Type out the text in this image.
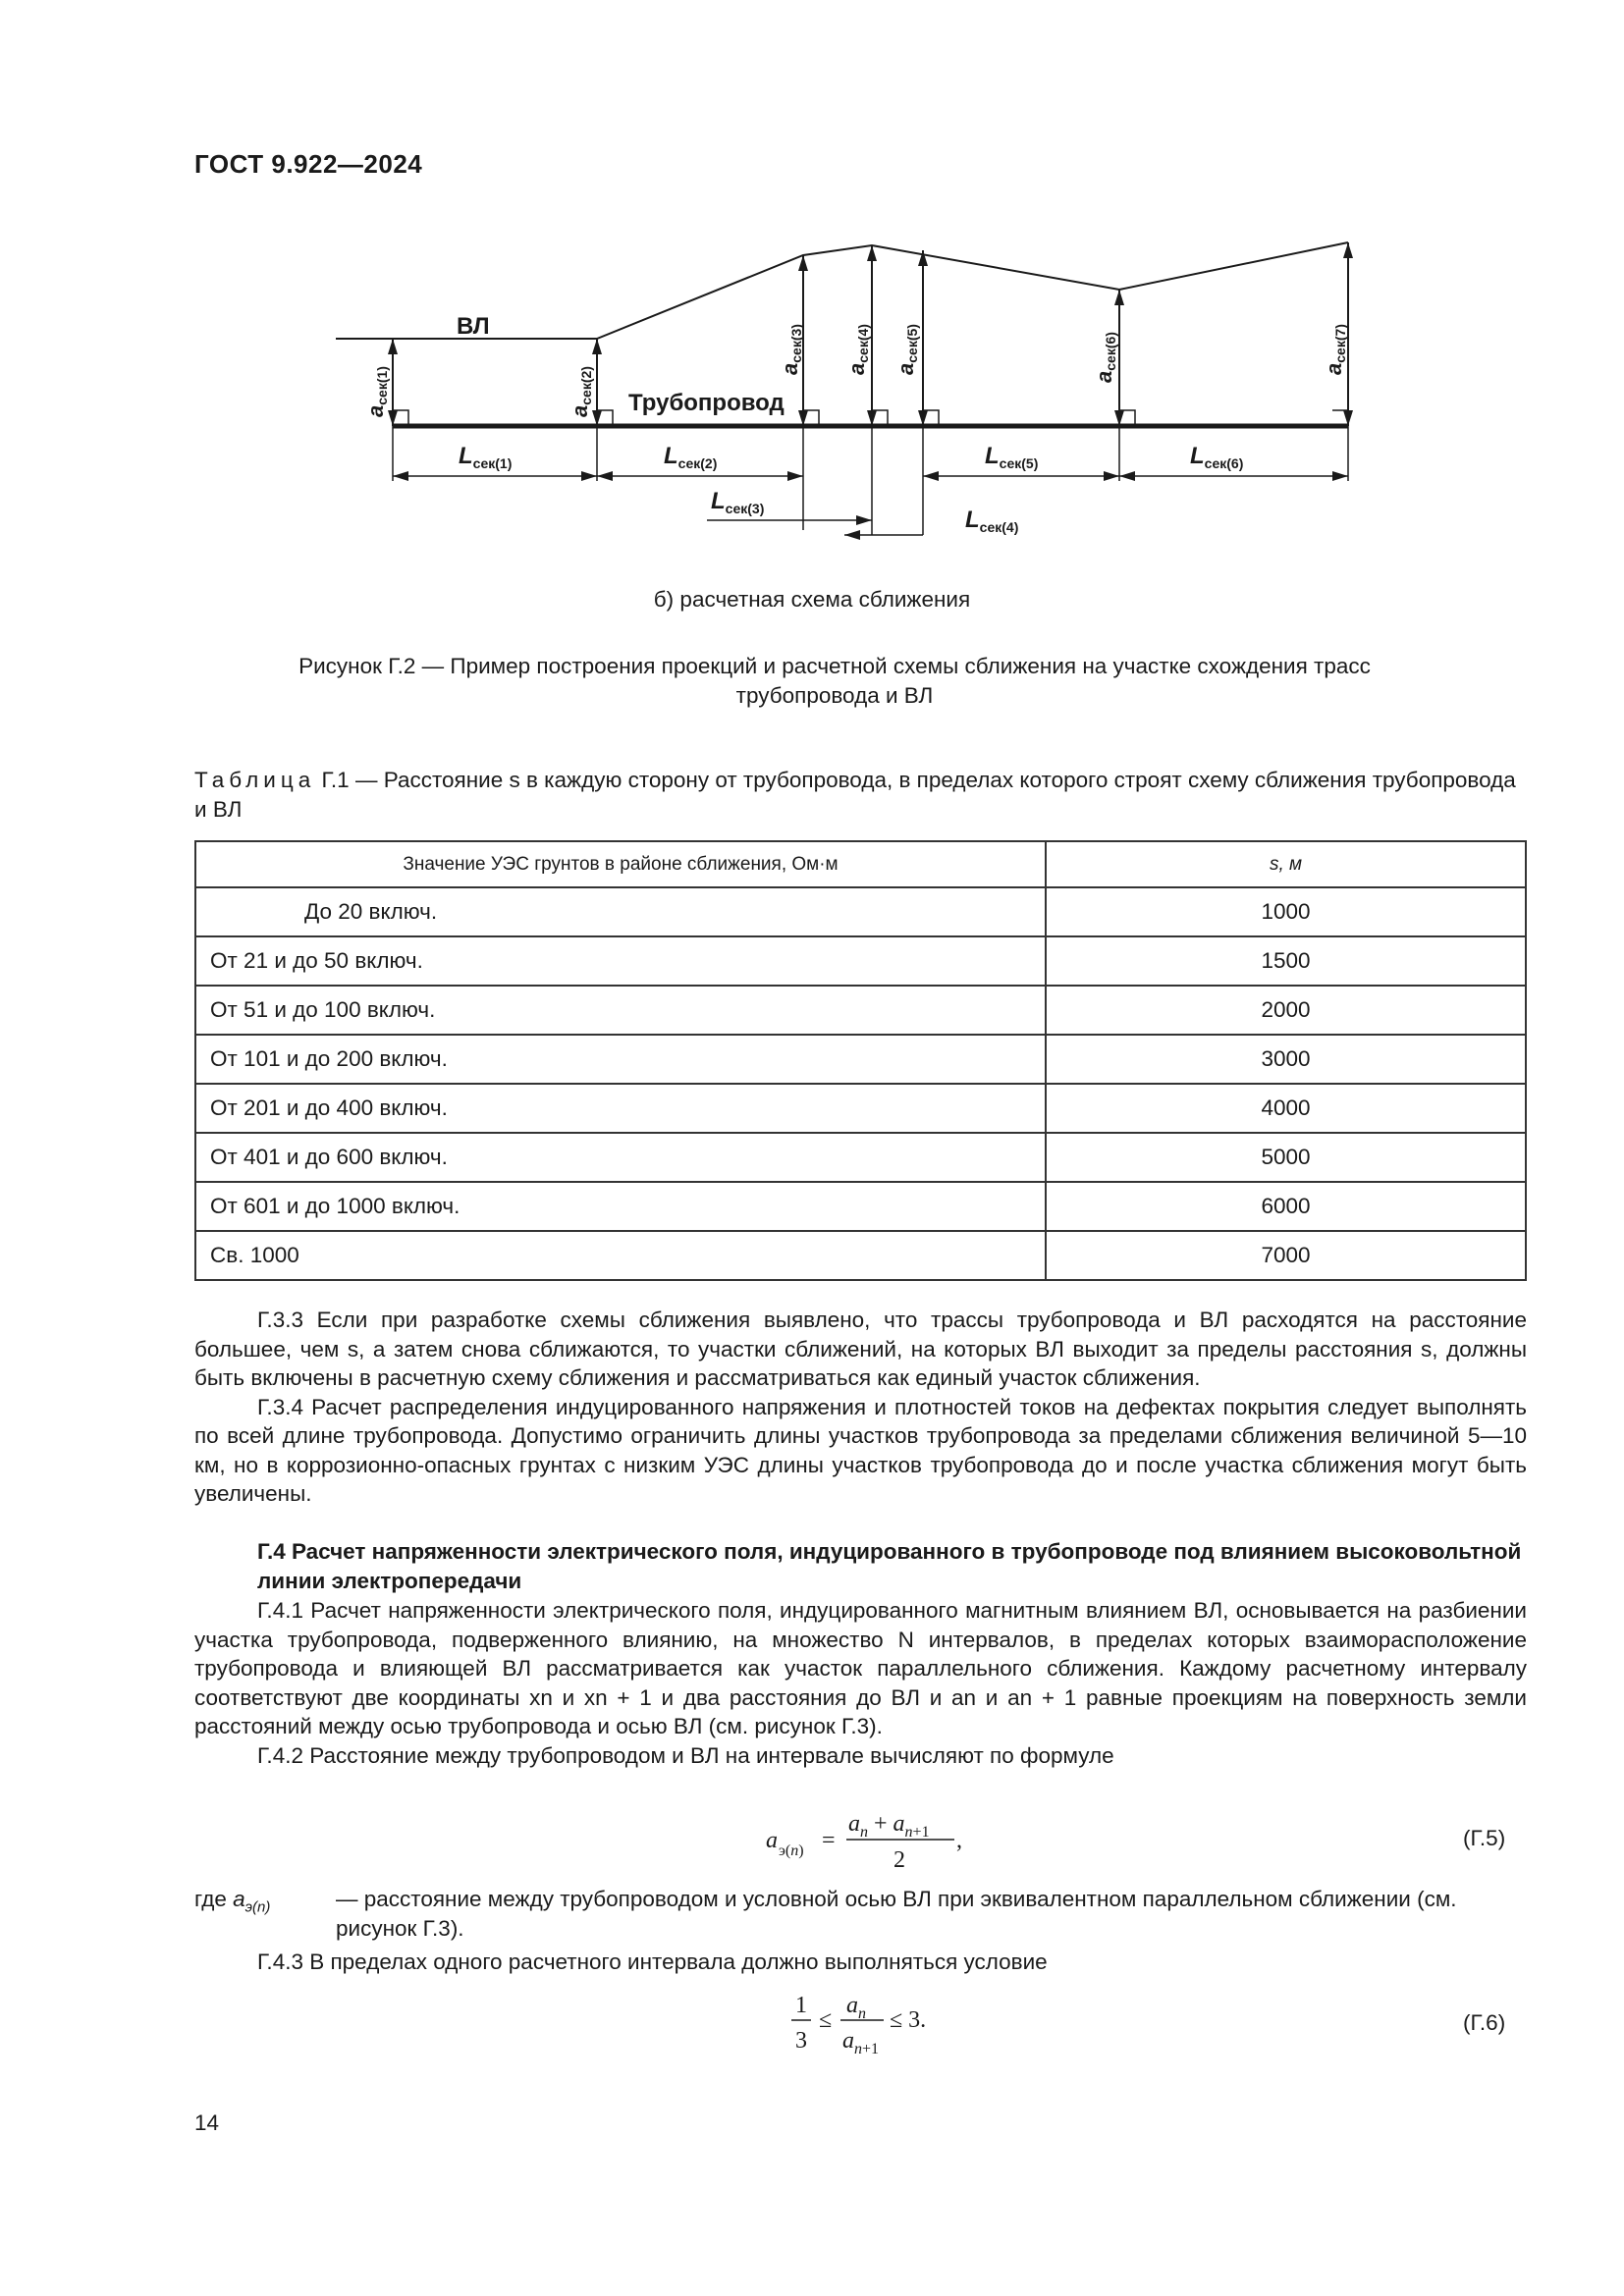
ГОСТ 9.922—2024
ВЛ
Трубопровод
aсек(1)
aсек(2)	aсек(3)
aсек(4)
aсек(5)
aсек(6)	aсек(7)
$L_{сек(1)}$	$L_{сек(2)}$
$L_{сек(3)}$	$L_{сек(4)}$
$L_{сек(5)}$	$L_{сек(6)}$
б) расчетная схема сближения
Рисунок Г.2 — Пример построения проекций и расчетной схемы сближения на участке схождения трасс трубопровода и ВЛ
Таблица Г.1 — Расстояние s в каждую сторону от трубопровода, в пределах которого строят схему сближения трубопровода и ВЛ
Значение УЭС грунтов в районе сближения, Ом·м	s, м
До 20 включ.	1000
От 21 и до 50 включ.	1500
От 51 и до 100 включ.	2000
От 101 и до 200 включ.	3000
От 201 и до 400 включ.	4000
От 401 и до 600 включ.	5000
От 601 и до 1000 включ.	6000
Св. 1000	7000

Г.3.3 Если при разработке схемы сближения выявлено, что трассы трубопровода и ВЛ расходятся на расстояние большее, чем s, а затем снова сближаются, то участки сближений, на которых ВЛ выходит за пределы расстояния s, должны быть включены в расчетную схему сближения и рассматриваться как единый участок сближения.

Г.3.4 Расчет распределения индуцированного напряжения и плотностей токов на дефектах покрытия следует выполнять по всей длине трубопровода. Допустимо ограничить длины участков трубопровода за пределами сближения величиной 5—10 км, но в коррозионно-опасных грунтах с низким УЭС длины участков трубопровода до и после участка сближения могут быть увеличены.

Г.4 Расчет напряженности электрического поля, индуцированного в трубопроводе под влиянием высоковольтной линии электропередачи

Г.4.1 Расчет напряженности электрического поля, индуцированного магнитным влиянием ВЛ, основывается на разбиении участка трубопровода, подверженного влиянию, на множество N интервалов, в пределах которых взаиморасположение трубопровода и влияющей ВЛ рассматривается как участок параллельного сближения. Каждому расчетному интервалу соответствуют две координаты xn и xn + 1 и два расстояния до ВЛ и an и an + 1 равные проекциям на поверхность земли расстояний между осью трубопровода и осью ВЛ (см. рисунок Г.3).

Г.4.2 Расстояние между трубопроводом и ВЛ на интервале вычисляют по формуле

a э(n) =
$a_n + a_n+1$
2
,	(Г.5)
где $a_{э(n)}$	— расстояние между трубопроводом и условной осью ВЛ при эквивалентном параллельном сближении (см. рисунок Г.3).

Г.4.3 В пределах одного расчетного интервала должно выполняться условие

1
3
≤
$a_n$
$a_n+1$
≤ 3.	(Г.6)
14
